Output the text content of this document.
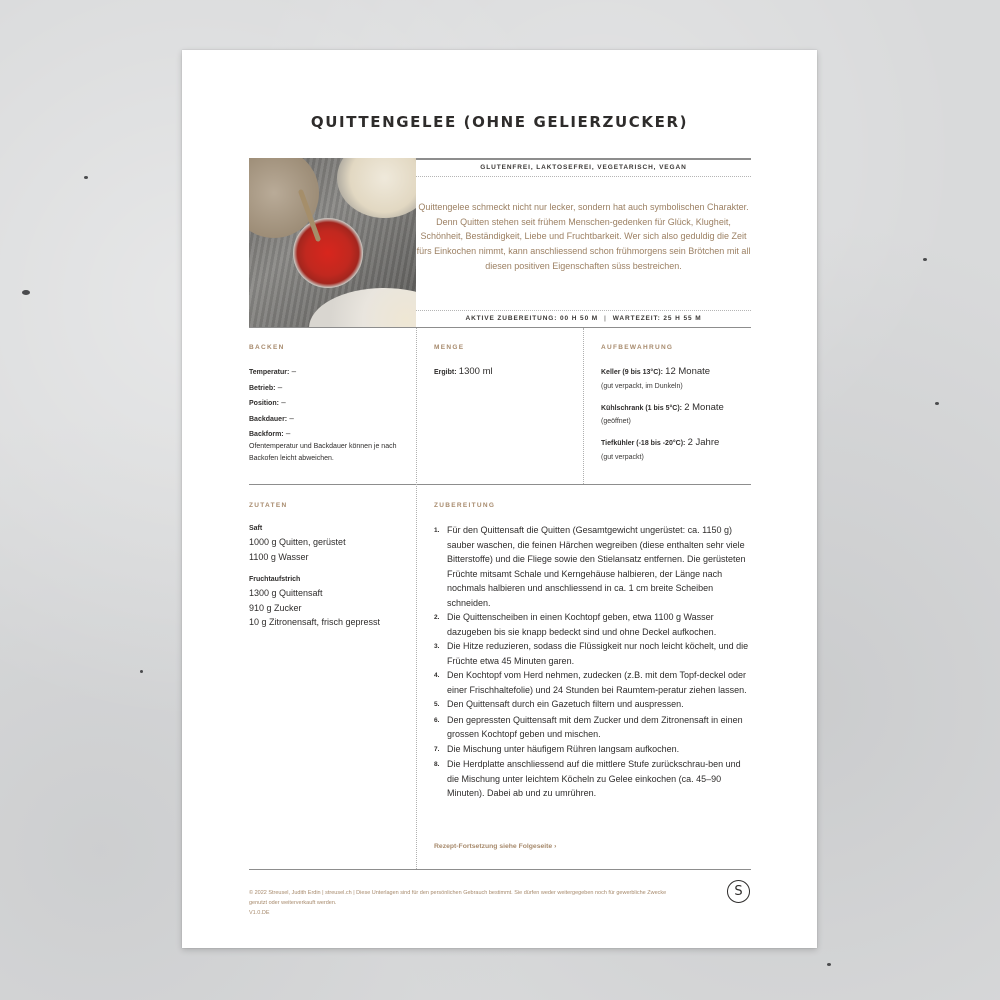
QUITTENGELEE (OHNE GELIERZUCKER)
GLUTENFREI, LAKTOSEFREI, VEGETARISCH, VEGAN
Quittengelee schmeckt nicht nur lecker, sondern hat auch symbolischen Charakter. Denn Quitten stehen seit frühem Menschen-gedenken für Glück, Klugheit, Schönheit, Beständigkeit, Liebe und Fruchtbarkeit. Wer sich also geduldig die Zeit fürs Einkochen nimmt, kann anschliessend schon frühmorgens sein Brötchen mit all diesen positiven Eigenschaften süss bestreichen.
AKTIVE ZUBEREITUNG: 00 H 50 M | WARTEZEIT: 25 H 55 M
BACKEN
Temperatur: –
Betrieb: –
Position: –
Backdauer: –
Backform: –
Ofentemperatur und Backdauer können je nach Backofen leicht abweichen.
MENGE
Ergibt: 1300 ml
AUFBEWAHRUNG
Keller (9 bis 13°C): 12 Monate
(gut verpackt, im Dunkeln)
Kühlschrank (1 bis 5°C): 2 Monate
(geöffnet)
Tiefkühler (-18 bis -20°C): 2 Jahre
(gut verpackt)
ZUTATEN
Saft
1000 g Quitten, gerüstet
1100 g Wasser
Fruchtaufstrich
1300 g Quittensaft
910 g Zucker
10 g Zitronensaft, frisch gepresst
ZUBEREITUNG
1. Für den Quittensaft die Quitten (Gesamtgewicht ungerüstet: ca. 1150 g) sauber waschen, die feinen Härchen wegreiben (diese enthalten sehr viele Bitterstoffe) und die Fliege sowie den Stielansatz entfernen. Die gerüsteten Früchte mitsamt Schale und Kerngehäuse halbieren, der Länge nach nochmals halbieren und anschliessend in ca. 1 cm breite Scheiben schneiden.
2. Die Quittenscheiben in einen Kochtopf geben, etwa 1100 g Wasser dazugeben bis sie knapp bedeckt sind und ohne Deckel aufkochen.
3. Die Hitze reduzieren, sodass die Flüssigkeit nur noch leicht köchelt, und die Früchte etwa 45 Minuten garen.
4. Den Kochtopf vom Herd nehmen, zudecken (z.B. mit dem Topf-deckel oder einer Frischhaltefolie) und 24 Stunden bei Raumtem-peratur ziehen lassen.
5. Den Quittensaft durch ein Gazetuch filtern und auspressen.
6. Den gepressten Quittensaft mit dem Zucker und dem Zitronensaft in einen grossen Kochtopf geben und mischen.
7. Die Mischung unter häufigem Rühren langsam aufkochen.
8. Die Herdplatte anschliessend auf die mittlere Stufe zurückschrau-ben und die Mischung unter leichtem Köcheln zu Gelee einkochen (ca. 45–90 Minuten). Dabei ab und zu umrühren.
Rezept-Fortsetzung siehe Folgeseite ›
© 2022 Streusel, Judith Erdin | streusel.ch | Diese Unterlagen sind für den persönlichen Gebrauch bestimmt. Sie dürfen weder weitergegeben noch für gewerbliche Zwecke genutzt oder weiterverkauft werden.
V1.0.DE
S
